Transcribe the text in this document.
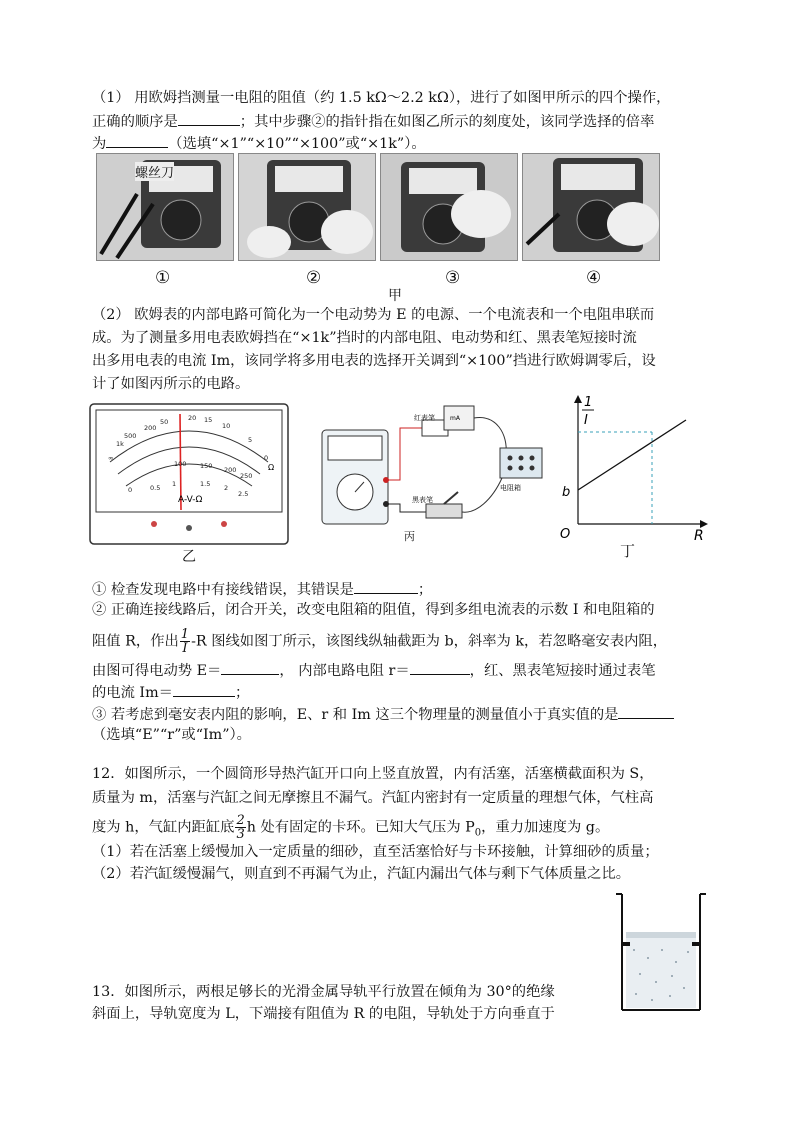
（1） 用欧姆挡测量一电阻的阻值（约 1.5 kΩ～2.2 kΩ），进行了如图甲所示的四个操作，
正确的顺序是	；其中步骤②的指针指在如图乙所示的刻度处，该同学选择的倍率
为	（选填“×1”“×10”“×100”或“×1k”）。
螺丝刀
①	②	③	④
甲
（2） 欧姆表的内部电路可简化为一个电动势为 E 的电源、一个电流表和一个电阻串联而
成。为了测量多用电表欧姆挡在“×1k”挡时的内部电阻、电动势和红、黑表笔短接时流
出多用电表的电流 Im，该同学将多用电表的选择开关调到“×100”挡进行欧姆调零后，设
计了如图丙所示的电路。
∞
1k
500
200
50	20 15
10
5
0
0	0.5 1	1.5 2
2.5
100 150 200
250
A-V-Ω
Ω
乙
mA
红表笔
黑表笔
电阻箱
丙
1
I
R
O
b
丁
① 检查发现电路中有接线错误，其错误是	；
② 正确连接线路后，闭合开关，改变电阻箱的阻值，得到多组电流表的示数 I 和电阻箱的
阻值 R，作出 $\frac{1}{I} -R$ 图线如图丁所示，该图线纵轴截距为 b，斜率为 k，若忽略毫安表内阻，
由图可得电动势 E＝	， 内部电路电阻 r＝	，红、黑表笔短接时通过表笔
的电流 Im＝	；
③ 若考虑到毫安表内阻的影响，E、r 和 Im 这三个物理量的测量值小于真实值的是
（选填“E”“r”或“Im”）。
12．如图所示，一个圆筒形导热汽缸开口向上竖直放置，内有活塞，活塞横截面积为 S，
质量为 m，活塞与汽缸之间无摩擦且不漏气。汽缸内密封有一定质量的理想气体，气柱高
度为 h，气缸内距缸底 $\frac{2}{3}$ h 处有固定的卡环。已知大气压为 $P_0$，重力加速度为 g。
（1）若在活塞上缓慢加入一定质量的细砂，直至活塞恰好与卡环接触，计算细砂的质量；
（2）若汽缸缓慢漏气，则直到不再漏气为止，汽缸内漏出气体与剩下气体质量之比。
13．如图所示，两根足够长的光滑金属导轨平行放置在倾角为 30°的绝缘
斜面上，导轨宽度为 L，下端接有阻值为 R 的电阻，导轨处于方向垂直于
